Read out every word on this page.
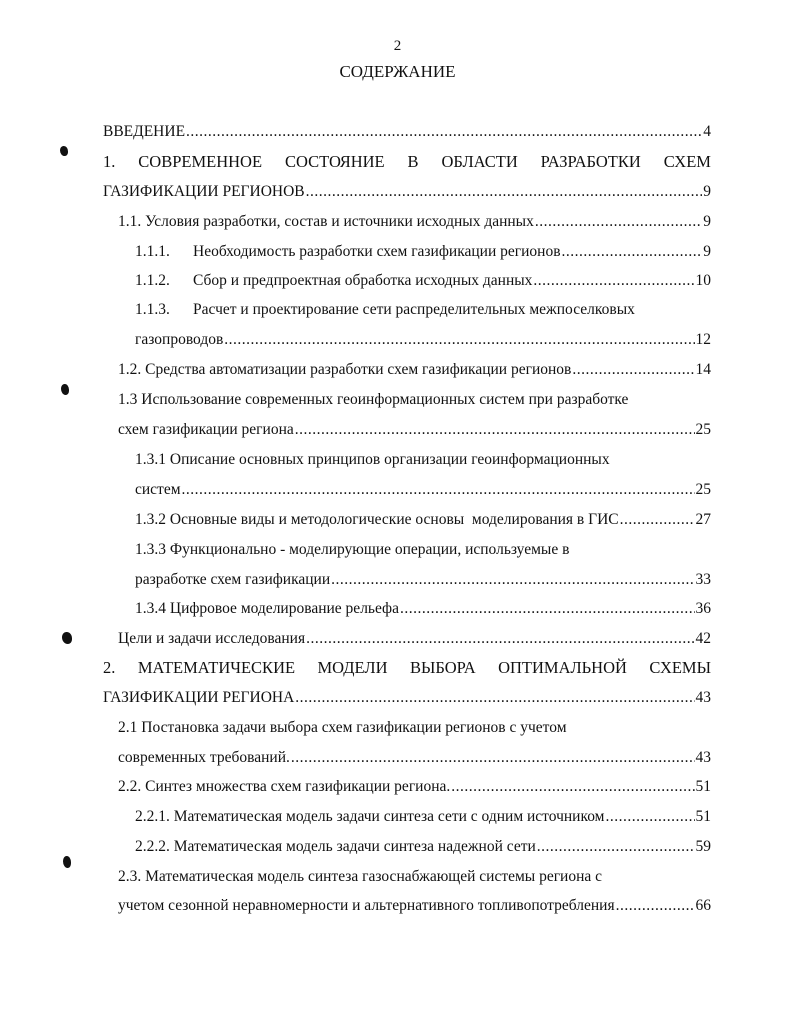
2
СОДЕРЖАНИЕ
ВВЕДЕНИЕ .....	4
1. СОВРЕМЕННОЕ СОСТОЯНИЕ В ОБЛАСТИ РАЗРАБОТКИ СХЕМ
ГАЗИФИКАЦИИ РЕГИОНОВ .....	9
1.1. Условия разработки, состав и источники исходных данных .....	9
1.1.1.	Необходимость разработки схем газификации регионов .....	9
1.1.2.	Сбор и предпроектная обработка исходных данных .....	10
1.1.3.	Расчет и проектирование сети распределительных межпоселковых
газопроводов .....	12
1.2. Средства автоматизации разработки схем газификации регионов .....	14
1.3 Использование современных геоинформационных систем при разработке
схем газификации региона .....	25
1.3.1 Описание основных принципов организации геоинформационных
систем .....	25
1.3.2 Основные виды и методологические основы  моделирования в ГИС .....	27
1.3.3 Функционально - моделирующие операции, используемые в
разработке схем газификации .....	33
1.3.4 Цифровое моделирование рельефа .....	36
Цели и задачи исследования .....	42
2. МАТЕМАТИЧЕСКИЕ МОДЕЛИ ВЫБОРА ОПТИМАЛЬНОЙ СХЕМЫ
ГАЗИФИКАЦИИ РЕГИОНА .....	43
2.1 Постановка задачи выбора схем газификации регионов с учетом
современных требований. .....	43
2.2. Синтез множества схем газификации региона. .....	51
2.2.1. Математическая модель задачи синтеза сети с одним источником .....	51
2.2.2. Математическая модель задачи синтеза надежной сети .....	59
2.3. Математическая модель синтеза газоснабжающей системы региона с
учетом сезонной неравномерности и альтернативного топливопотребления .....	66
